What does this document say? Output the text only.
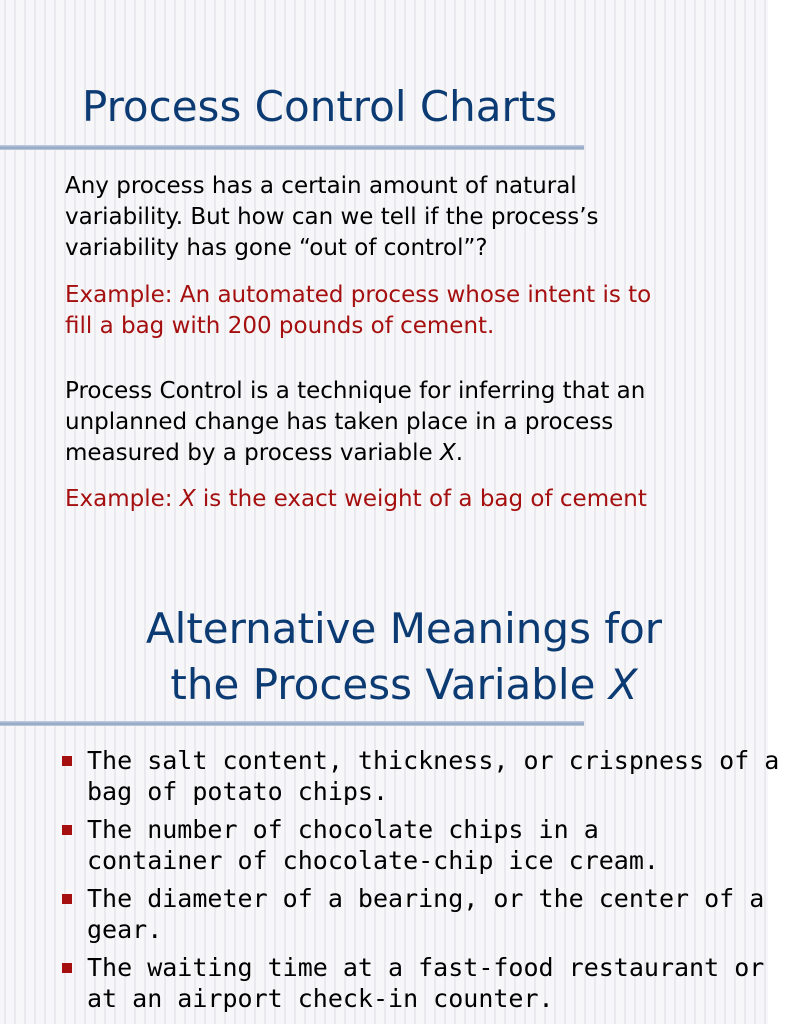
Process Control Charts

Any process has a certain amount of natural
variability. But how can we tell if the process’s
variability has gone “out of control”?

Example: An automated process whose intent is to
fill a bag with 200 pounds of cement.

Process Control is a technique for inferring that an
unplanned change has taken place in a process
measured by a process variable X.

Example: X is the exact weight of a bag of cement

Alternative Meanings for
the Process Variable X
The salt content, thickness, or crispness of a
bag of potato chips.
The number of chocolate chips in a
container of chocolate-chip ice cream.
The diameter of a bearing, or the center of a
gear.
The waiting time at a fast-food restaurant or
at an airport check-in counter.
